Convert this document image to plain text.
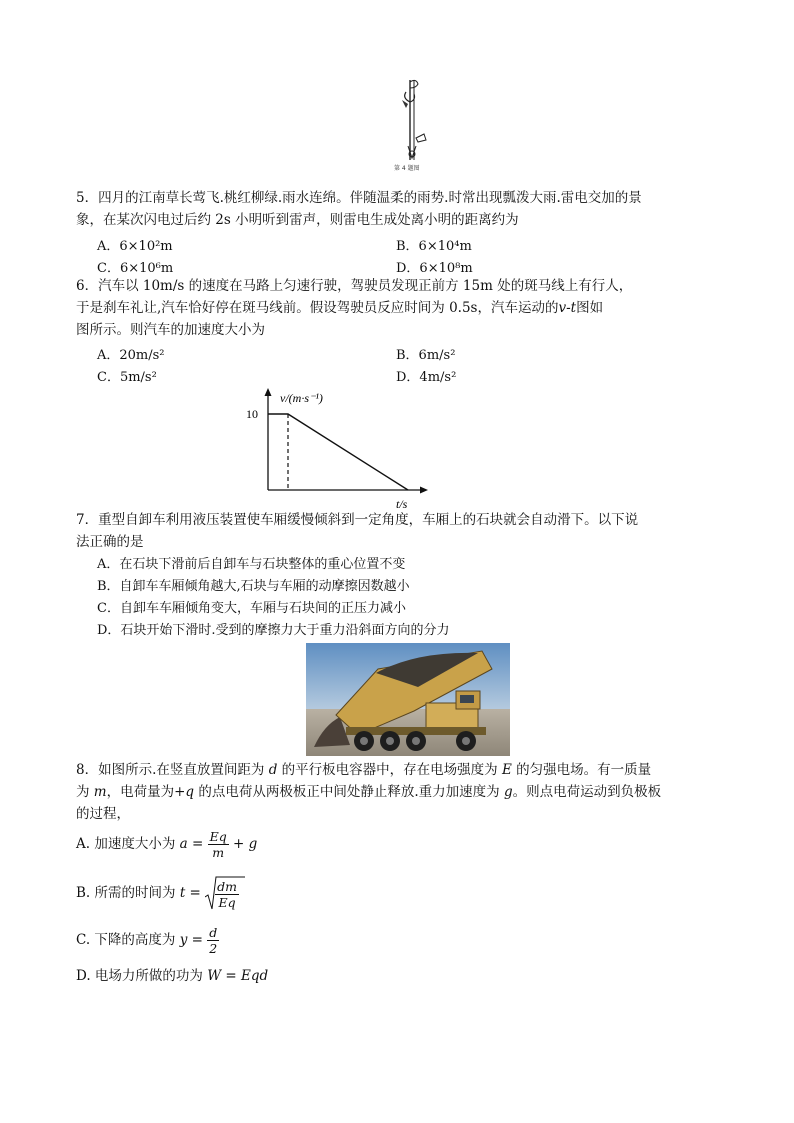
第 4 题图
5．四月的江南草长莺飞.桃红柳绿.雨水连绵。伴随温柔的雨势.时常出现瓢泼大雨.雷电交加的景
象，在某次闪电过后约 2s 小明听到雷声，则雷电生成处离小明的距离约为
A．6×10²m	B．6×10⁴m
C．6×10⁶m	D．6×10⁸m
6．汽车以 10m/s 的速度在马路上匀速行驶，驾驶员发现正前方 15m 处的斑马线上有行人，
于是刹车礼让,汽车恰好停在斑马线前。假设驾驶员反应时间为 0.5s，汽车运动的v-t图如
图所示。则汽车的加速度大小为
A．20m/s²	B．6m/s²
C．5m/s²	D．4m/s²
10
v/(m·s⁻¹)
t/s
7．重型自卸车利用液压装置使车厢缓慢倾斜到一定角度，车厢上的石块就会自动滑下。以下说
法正确的是
A．在石块下滑前后自卸车与石块整体的重心位置不变
B．自卸车车厢倾角越大,石块与车厢的动摩擦因数越小
C．自卸车车厢倾角变大，车厢与石块间的正压力减小
D．石块开始下滑时.受到的摩擦力大于重力沿斜面方向的分力
8．如图所示.在竖直放置间距为 d 的平行板电容器中，存在电场强度为 E 的匀强电场。有一质量
为 m，电荷量为+q 的点电荷从两极板正中间处静止释放.重力加速度为 g。则点电荷运动到负极板
的过程，
A. 加速度大小为 $a = \frac{Eq}{m} + g$
B. 所需的时间为 $t = \frac{dm}{Eq}$
C. 下降的高度为 $y = \frac{d}{2}$
D. 电场力所做的功为 W = Eqd
